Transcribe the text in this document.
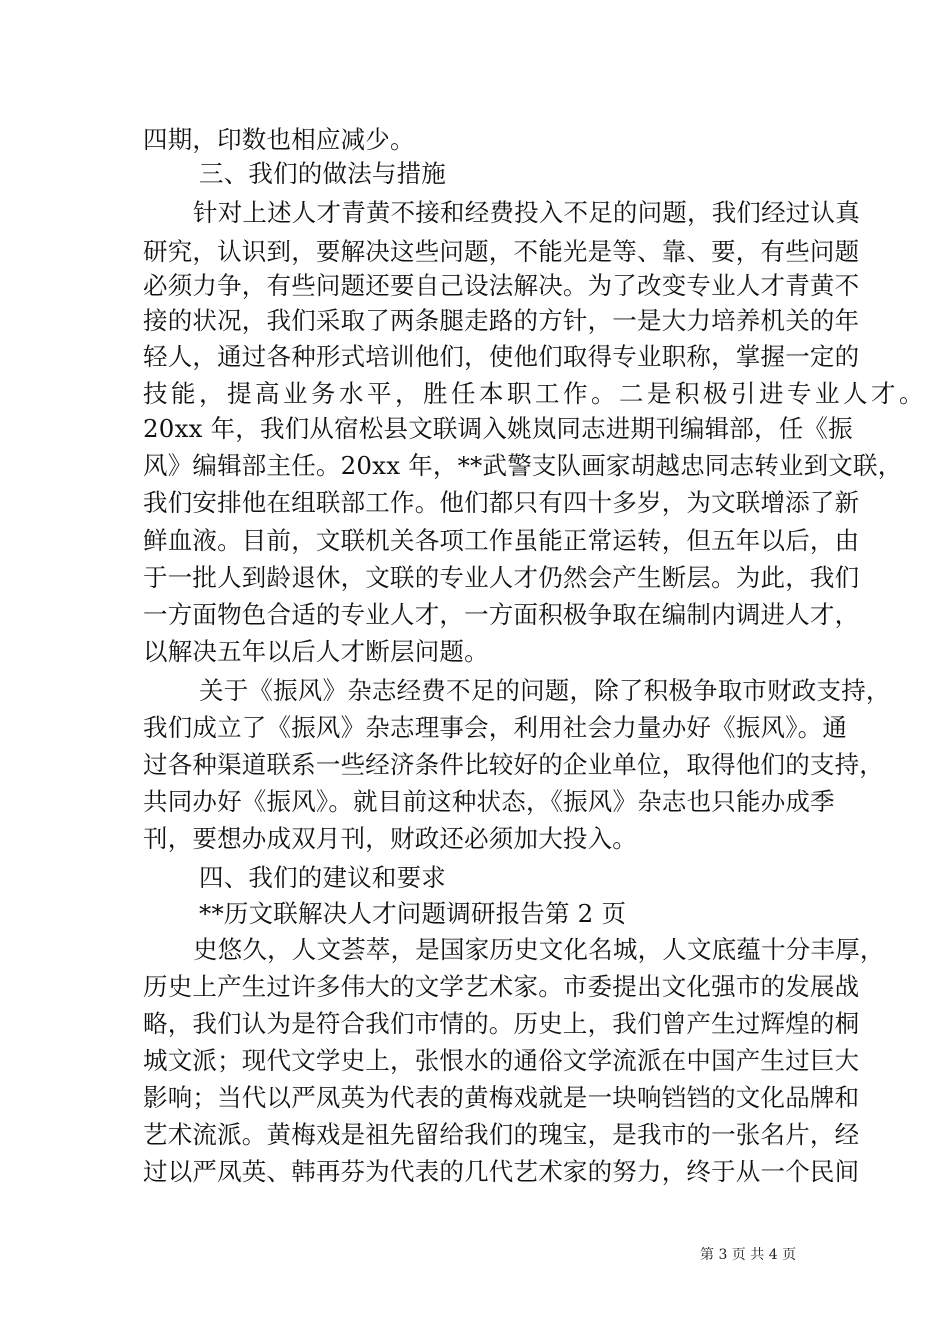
四期，印数也相应减少。
三、我们的做法与措施
针对上述人才青黄不接和经费投入不足的问题，我们经过认真
研究，认识到，要解决这些问题，不能光是等、靠、要，有些问题
必须力争，有些问题还要自己设法解决。为了改变专业人才青黄不
接的状况，我们采取了两条腿走路的方针，一是大力培养机关的年
轻人，通过各种形式培训他们，使他们取得专业职称，掌握一定的
技能，提高业务水平，胜任本职工作。二是积极引进专业人才。
20xx 年，我们从宿松县文联调入姚岚同志进期刊编辑部，任《振
风》编辑部主任。20xx 年，**武警支队画家胡越忠同志转业到文联，
我们安排他在组联部工作。他们都只有四十多岁，为文联增添了新
鲜血液。目前，文联机关各项工作虽能正常运转，但五年以后，由
于一批人到龄退休，文联的专业人才仍然会产生断层。为此，我们
一方面物色合适的专业人才，一方面积极争取在编制内调进人才，
以解决五年以后人才断层问题。
关于《振风》杂志经费不足的问题，除了积极争取市财政支持，
我们成立了《振风》杂志理事会，利用社会力量办好《振风》。通
过各种渠道联系一些经济条件比较好的企业单位，取得他们的支持，
共同办好《振风》。就目前这种状态，《振风》杂志也只能办成季
刊，要想办成双月刊，财政还必须加大投入。
四、我们的建议和要求
**历文联解决人才问题调研报告第 2 页
史悠久，人文荟萃，是国家历史文化名城，人文底蕴十分丰厚，
历史上产生过许多伟大的文学艺术家。市委提出文化强市的发展战
略，我们认为是符合我们市情的。历史上，我们曾产生过辉煌的桐
城文派；现代文学史上，张恨水的通俗文学流派在中国产生过巨大
影响；当代以严凤英为代表的黄梅戏就是一块响铛铛的文化品牌和
艺术流派。黄梅戏是祖先留给我们的瑰宝，是我市的一张名片，经
过以严凤英、韩再芬为代表的几代艺术家的努力，终于从一个民间
第 3 页 共 4 页
